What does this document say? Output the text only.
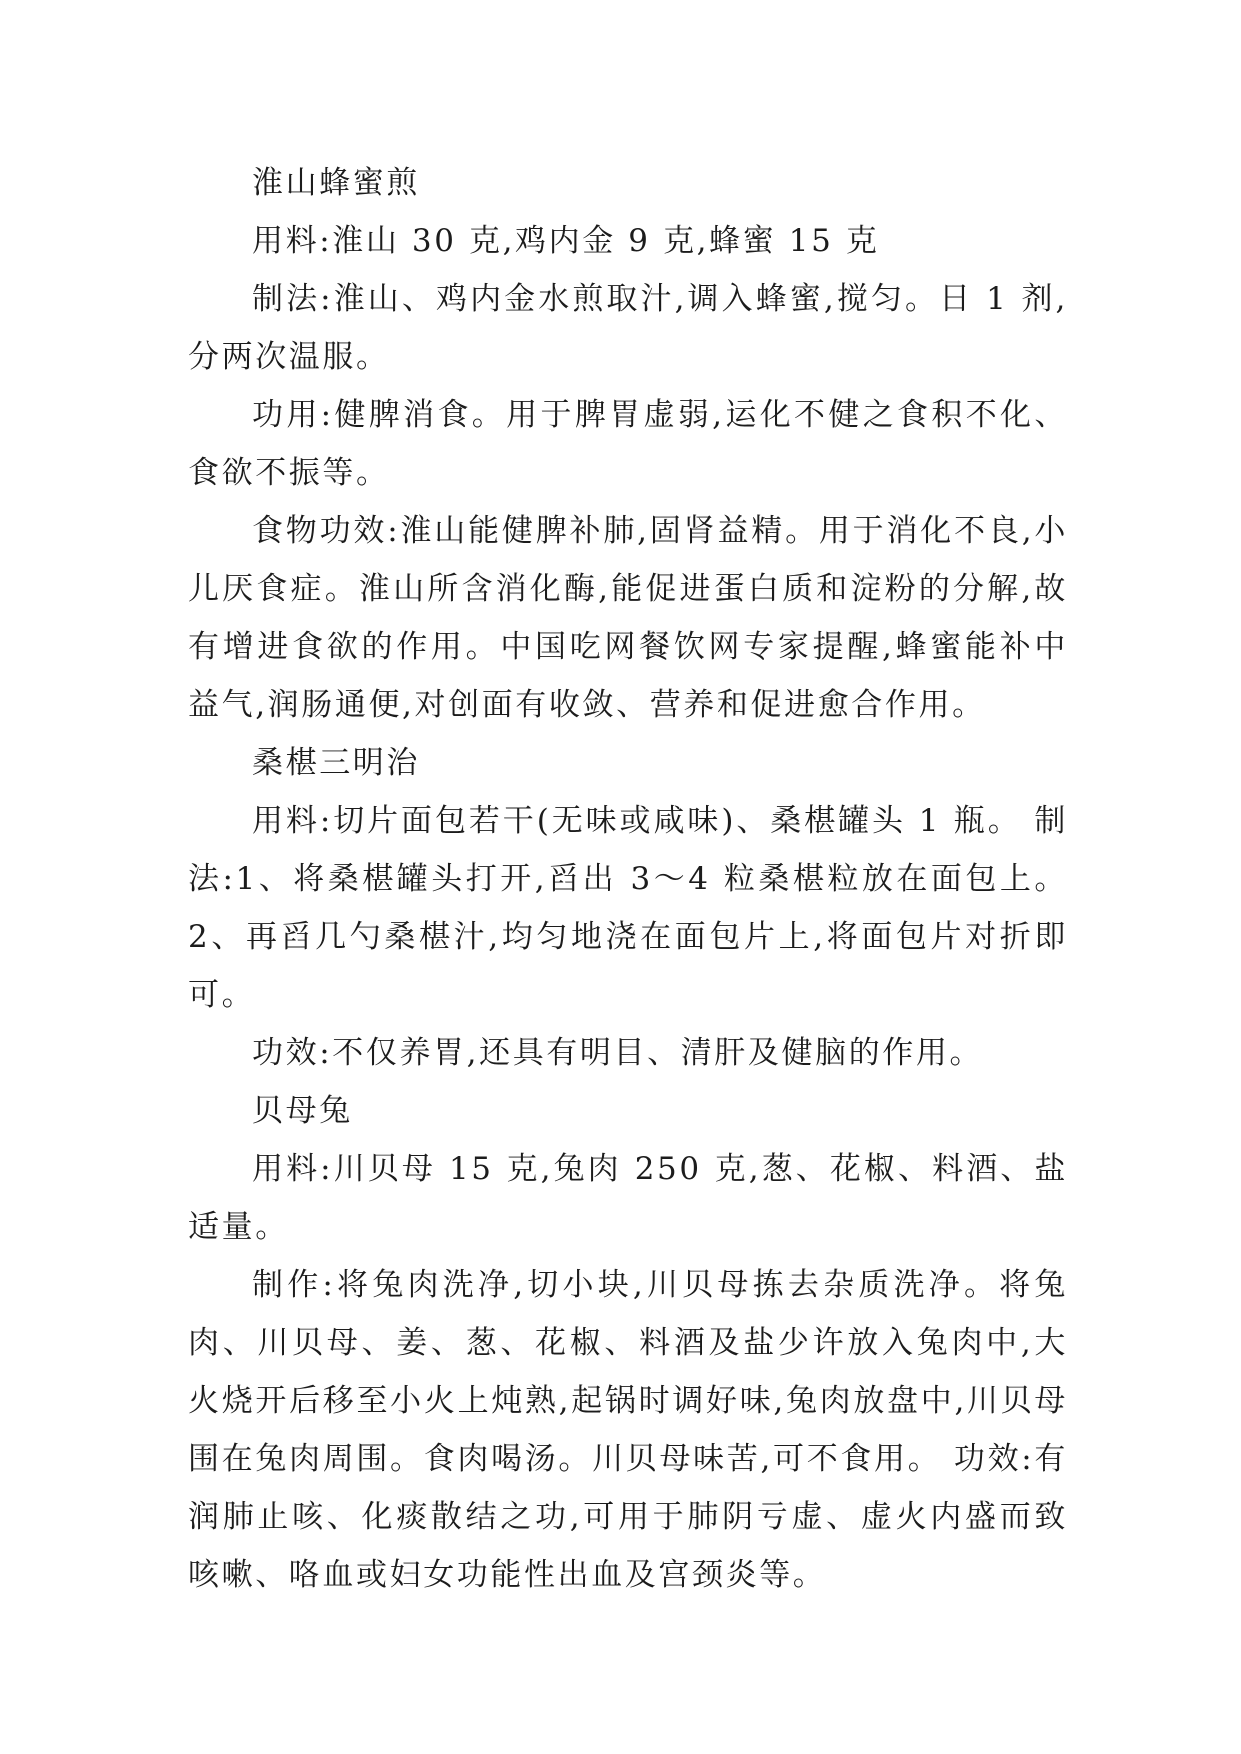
淮山蜂蜜煎

用料:淮山 30 克,鸡内金 9 克,蜂蜜 15 克

制法:淮山、鸡内金水煎取汁,调入蜂蜜,搅匀。日 1 剂,分两次温服。

功用:健脾消食。用于脾胃虚弱,运化不健之食积不化、食欲不振等。

食物功效:淮山能健脾补肺,固肾益精。用于消化不良,小儿厌食症。淮山所含消化酶,能促进蛋白质和淀粉的分解,故有增进食欲的作用。中国吃网餐饮网专家提醒,蜂蜜能补中益气,润肠通便,对创面有收敛、营养和促进愈合作用。

桑椹三明治

用料:切片面包若干(无味或咸味)、桑椹罐头 1 瓶。 制法:1、将桑椹罐头打开,舀出 3～4 粒桑椹粒放在面包上。2、再舀几勺桑椹汁,均匀地浇在面包片上,将面包片对折即可。

功效:不仅养胃,还具有明目、清肝及健脑的作用。

贝母兔

用料:川贝母 15 克,兔肉 250 克,葱、花椒、料酒、盐适量。

制作:将兔肉洗净,切小块,川贝母拣去杂质洗净。将兔肉、川贝母、姜、葱、花椒、料酒及盐少许放入兔肉中,大火烧开后移至小火上炖熟,起锅时调好味,兔肉放盘中,川贝母围在兔肉周围。食肉喝汤。川贝母味苦,可不食用。 功效:有润肺止咳、化痰散结之功,可用于肺阴亏虚、虚火内盛而致咳嗽、咯血或妇女功能性出血及宫颈炎等。
